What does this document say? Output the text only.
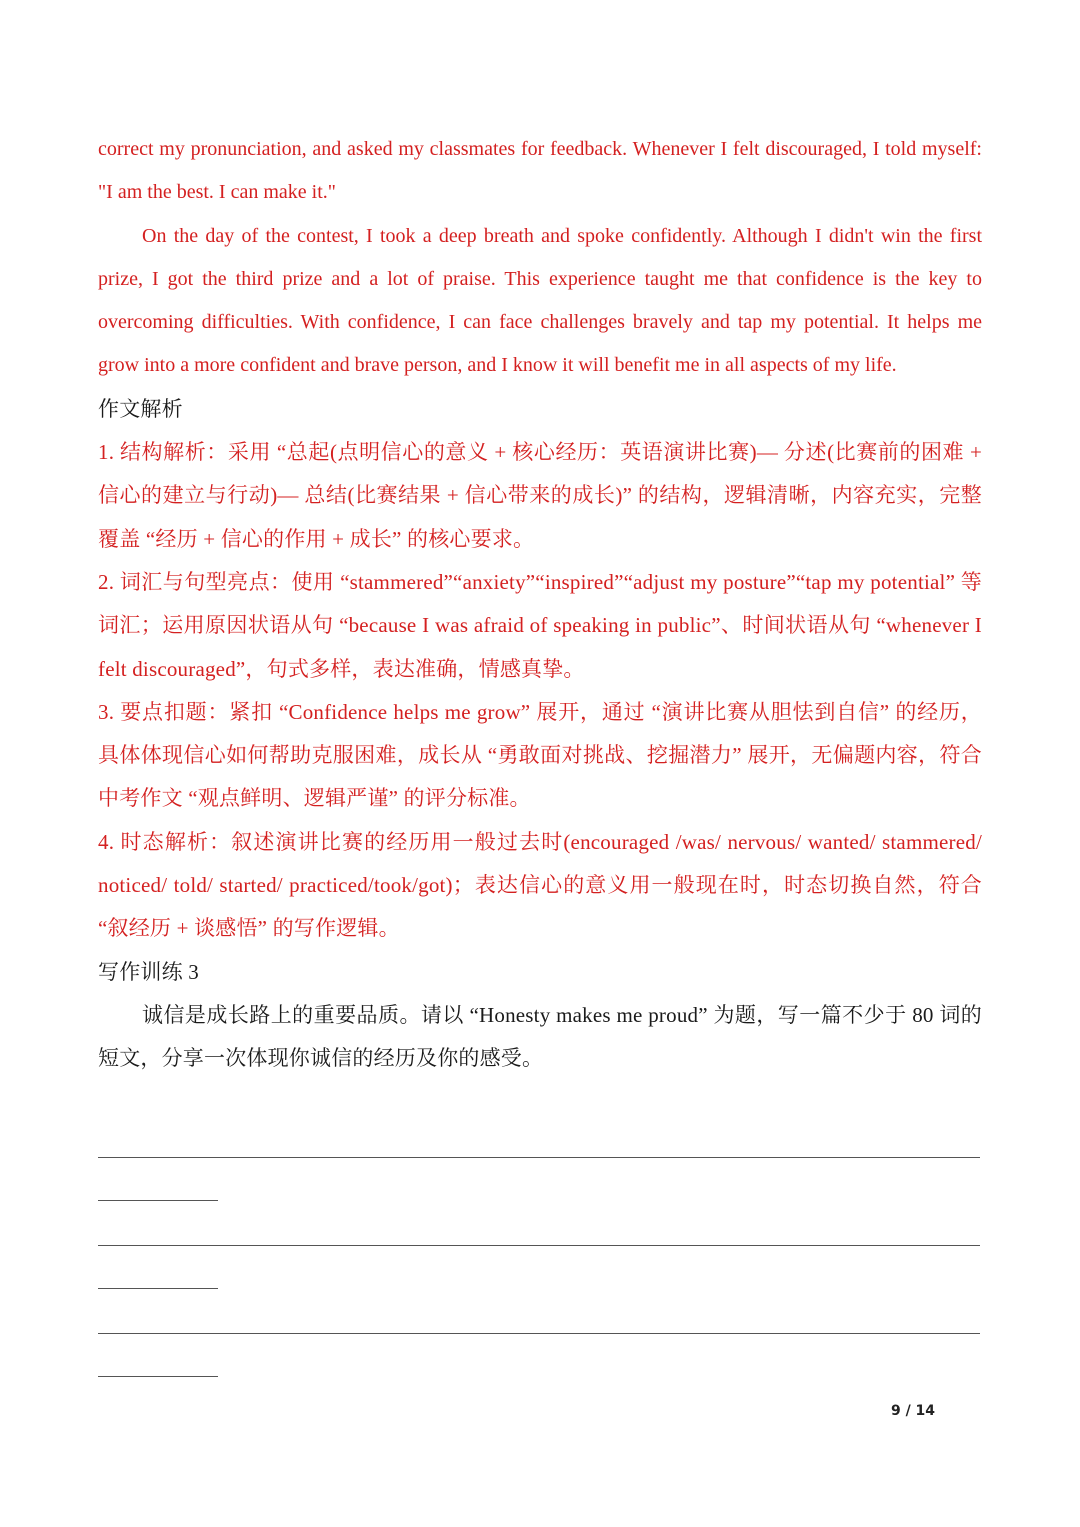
correct my pronunciation, and asked my classmates for feedback. Whenever I felt discouraged, I told myself: "I am the best. I can make it."

On the day of the contest, I took a deep breath and spoke confidently. Although I didn't win the first prize, I got the third prize and a lot of praise. This experience taught me that confidence is the key to overcoming difficulties. With confidence, I can face challenges bravely and tap my potential. It helps me grow into a more confident and brave person, and I know it will benefit me in all aspects of my life.

作文解析

1. 结构解析：采用 “总起(点明信心的意义 + 核心经历：英语演讲比赛)— 分述(比赛前的困难 + 信心的建立与行动)— 总结(比赛结果 + 信心带来的成长)” 的结构，逻辑清晰，内容充实，完整覆盖 “经历 + 信心的作用 + 成长” 的核心要求。

2. 词汇与句型亮点：使用 “stammered”“anxiety”“inspired”“adjust my posture”“tap my potential” 等词汇；运用原因状语从句 “because I was afraid of speaking in public”、时间状语从句 “whenever I felt discouraged”，句式多样，表达准确，情感真挚。

3. 要点扣题：紧扣 “Confidence helps me grow” 展开，通过 “演讲比赛从胆怯到自信” 的经历，具体体现信心如何帮助克服困难，成长从 “勇敢面对挑战、挖掘潜力” 展开，无偏题内容，符合中考作文 “观点鲜明、逻辑严谨” 的评分标准。

4. 时态解析：叙述演讲比赛的经历用一般过去时(encouraged /was/ nervous/ wanted/ stammered/ noticed/ told/ started/ practiced/took/got)；表达信心的意义用一般现在时，时态切换自然，符合 “叙经历 + 谈感悟” 的写作逻辑。

写作训练 3

诚信是成长路上的重要品质。请以 “Honesty makes me proud” 为题，写一篇不少于 80 词的短文，分享一次体现你诚信的经历及你的感受。

9 / 14
